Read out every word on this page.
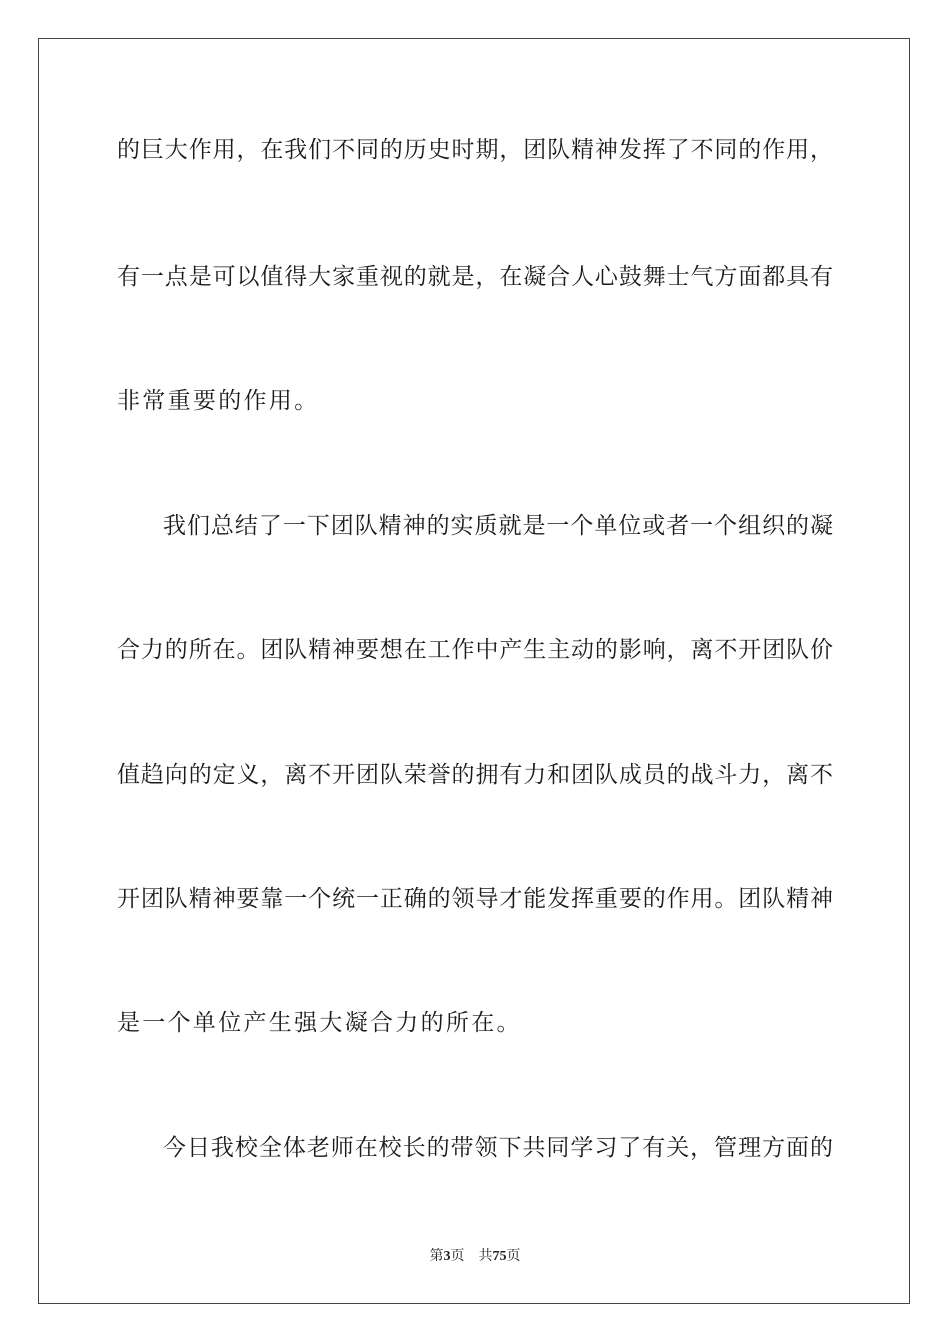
的巨大作用，在我们不同的历史时期，团队精神发挥了不同的作用，
有一点是可以值得大家重视的就是，在凝合人心鼓舞士气方面都具有
非常重要的作用。
我们总结了一下团队精神的实质就是一个单位或者一个组织的凝
合力的所在。团队精神要想在工作中产生主动的影响，离不开团队价
值趋向的定义，离不开团队荣誉的拥有力和团队成员的战斗力，离不
开团队精神要靠一个统一正确的领导才能发挥重要的作用。团队精神
是一个单位产生强大凝合力的所在。
今日我校全体老师在校长的带领下共同学习了有关，管理方面的
第3页 共75页
